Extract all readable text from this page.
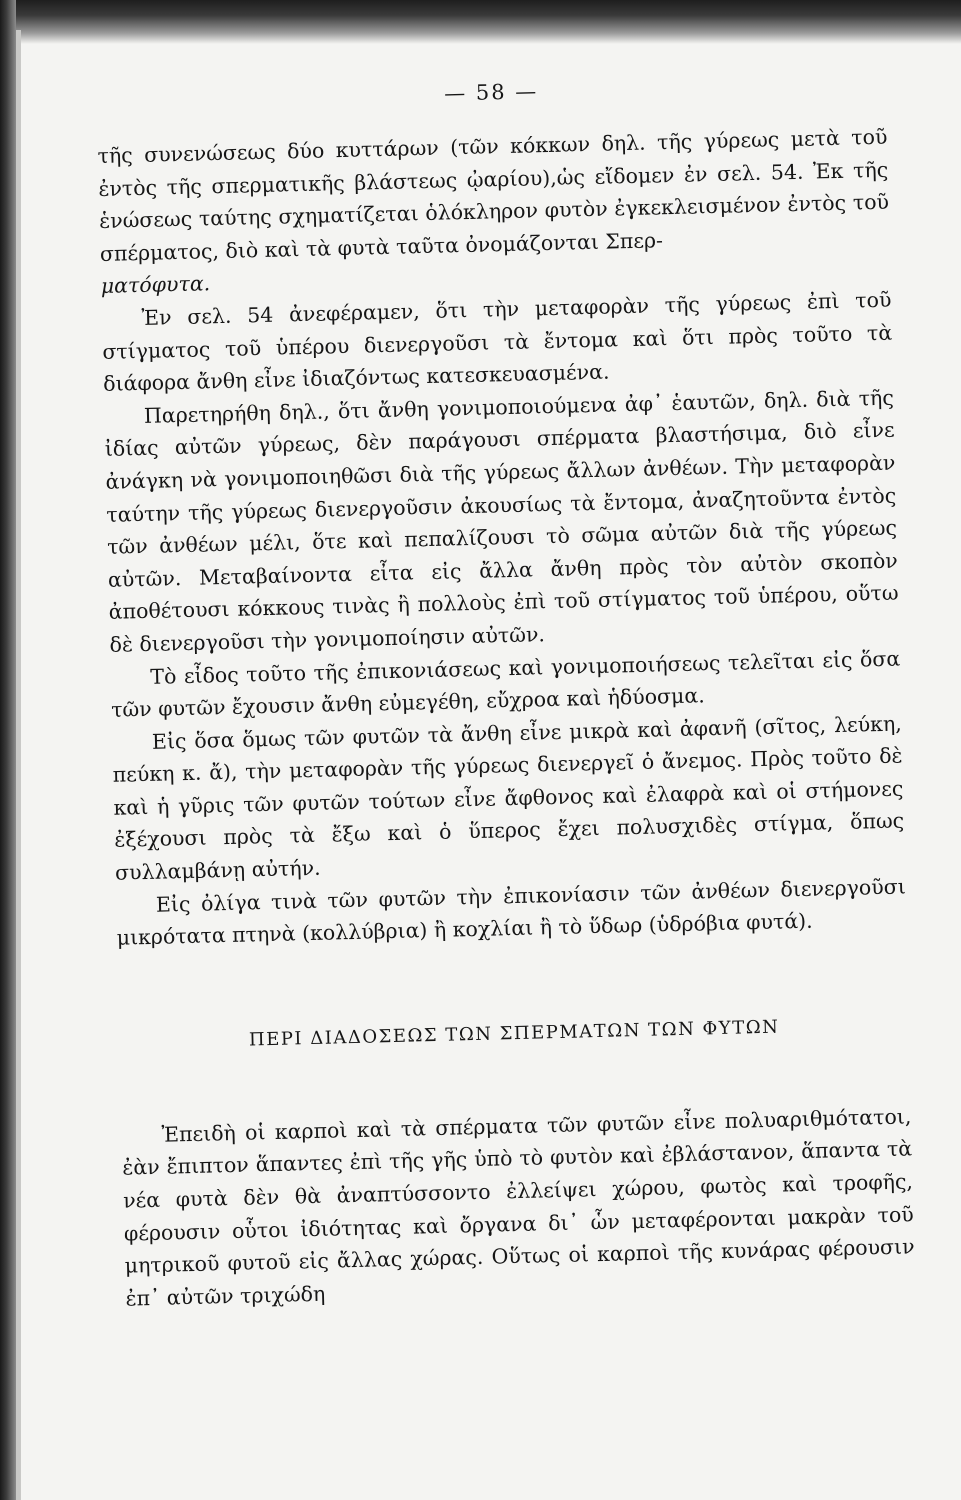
— 58 —

τῆς συνενώσεως δύο κυττάρων (τῶν κόκκων δηλ. τῆς γύρεως μετὰ τοῦ ἐντὸς τῆς σπερματικῆς βλάστεως ᾠαρίου),ὡς εἴδομεν ἐν σελ. 54. Ἐκ τῆς ἑνώσεως ταύτης σχηματίζεται ὁλόκληρον φυτὸν ἐγκεκλεισμένον ἐντὸς τοῦ σπέρματος, διὸ καὶ τὰ φυτὰ ταῦτα ὀνομάζονται Σπερ-

ματόφυτα.

Ἐν σελ. 54 ἀνεφέραμεν, ὅτι τὴν μεταφορὰν τῆς γύρεως ἐπὶ τοῦ στίγματος τοῦ ὑπέρου διενεργοῦσι τὰ ἔντομα καὶ ὅτι πρὸς τοῦτο τὰ διάφορα ἄνθη εἶνε ἰδιαζόντως κατεσκευασμένα.

Παρετηρήθη δηλ., ὅτι ἄνθη γονιμοποιούμενα ἀφ᾿ ἑαυτῶν, δηλ. διὰ τῆς ἰδίας αὐτῶν γύρεως, δὲν παράγουσι σπέρματα βλαστήσιμα, διὸ εἶνε ἀνάγκη νὰ γονιμοποιηθῶσι διὰ τῆς γύρεως ἄλλων ἀνθέων. Τὴν μεταφορὰν ταύτην τῆς γύρεως διενεργοῦσιν ἀκουσίως τὰ ἔντομα, ἀναζητοῦντα ἐντὸς τῶν ἀνθέων μέλι, ὅτε καὶ πεπαλίζουσι τὸ σῶμα αὐτῶν διὰ τῆς γύρεως αὐτῶν. Μεταβαίνοντα εἶτα εἰς ἄλλα ἄνθη πρὸς τὸν αὐτὸν σκοπὸν ἀποθέτουσι κόκκους τινὰς ἢ πολλοὺς ἐπὶ τοῦ στίγματος τοῦ ὑπέρου, οὕτω δὲ διενεργοῦσι τὴν γονιμοποίησιν αὐτῶν.

Τὸ εἶδος τοῦτο τῆς ἐπικονιάσεως καὶ γονιμοποιήσεως τελεῖται εἰς ὅσα τῶν φυτῶν ἔχουσιν ἄνθη εὐμεγέθη, εὔχροα καὶ ἡδύοσμα.

Εἰς ὅσα ὅμως τῶν φυτῶν τὰ ἄνθη εἶνε μικρὰ καὶ ἀφανῆ (σῖτος, λεύκη, πεύκη κ. ἄ), τὴν μεταφορὰν τῆς γύρεως διενεργεῖ ὁ ἄνεμος. Πρὸς τοῦτο δὲ καὶ ἡ γῦρις τῶν φυτῶν τούτων εἶνε ἄφθονος καὶ ἐλαφρὰ καὶ οἱ στήμονες ἐξέχουσι πρὸς τὰ ἔξω καὶ ὁ ὕπερος ἔχει πολυσχιδὲς στίγμα, ὅπως συλλαμβάνῃ αὐτήν.

Εἰς ὀλίγα τινὰ τῶν φυτῶν τὴν ἐπικονίασιν τῶν ἀνθέων διενεργοῦσι μικρότατα πτηνὰ (κολλύβρια) ἢ κοχλίαι ἢ τὸ ὕδωρ (ὑδρόβια φυτά).

ΠΕΡΙ ΔΙΑΔΟΣΕΩΣ ΤΩΝ ΣΠΕΡΜΑΤΩΝ ΤΩΝ ΦΥΤΩΝ

Ἐπειδὴ οἱ καρποὶ καὶ τὰ σπέρματα τῶν φυτῶν εἶνε πολυαριθμότατοι, ἐὰν ἔπιπτον ἅπαντες ἐπὶ τῆς γῆς ὑπὸ τὸ φυτὸν καὶ ἐβλάστανον, ἅπαντα τὰ νέα φυτὰ δὲν θὰ ἀναπτύσσοντο ἐλλείψει χώρου, φωτὸς καὶ τροφῆς, φέρουσιν οὗτοι ἰδιότητας καὶ ὄργανα δι᾿ ὧν μεταφέρονται μακρὰν τοῦ μητρικοῦ φυτοῦ εἰς ἄλλας χώρας. Οὕτως οἱ καρποὶ τῆς κυνάρας φέρουσιν ἐπ᾿ αὐτῶν τριχώδη
